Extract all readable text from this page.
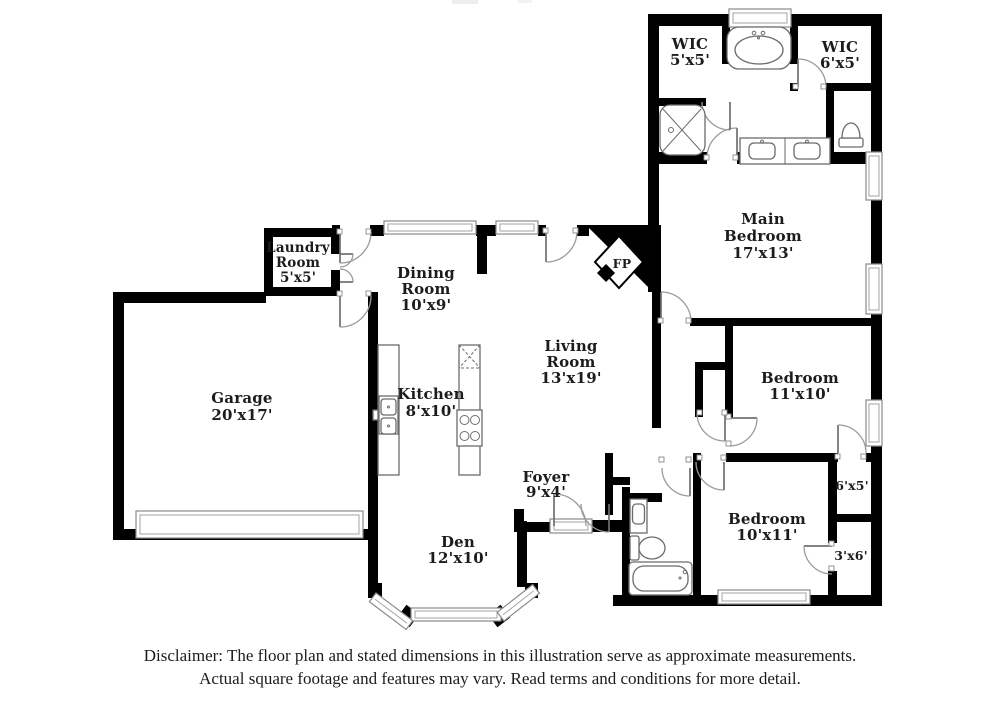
Laundry
Room
5'x5'	Dining
Room
10'x9'
Kitchen
8'x10'
Living
Room
13'x19'
Garage
20'x17'
Den
12'x10'
Foyer
9'x4'
Main
Bedroom
17'x13'
WIC
5'x5'
WIC
6'x5'
Bedroom
11'x10'
Bedroom
10'x11'
6'x5'
3'x6'
FP
Disclaimer: The floor plan and stated dimensions in this illustration serve as approximate measurements.
Actual square footage and features may vary. Read terms and conditions for more detail.
